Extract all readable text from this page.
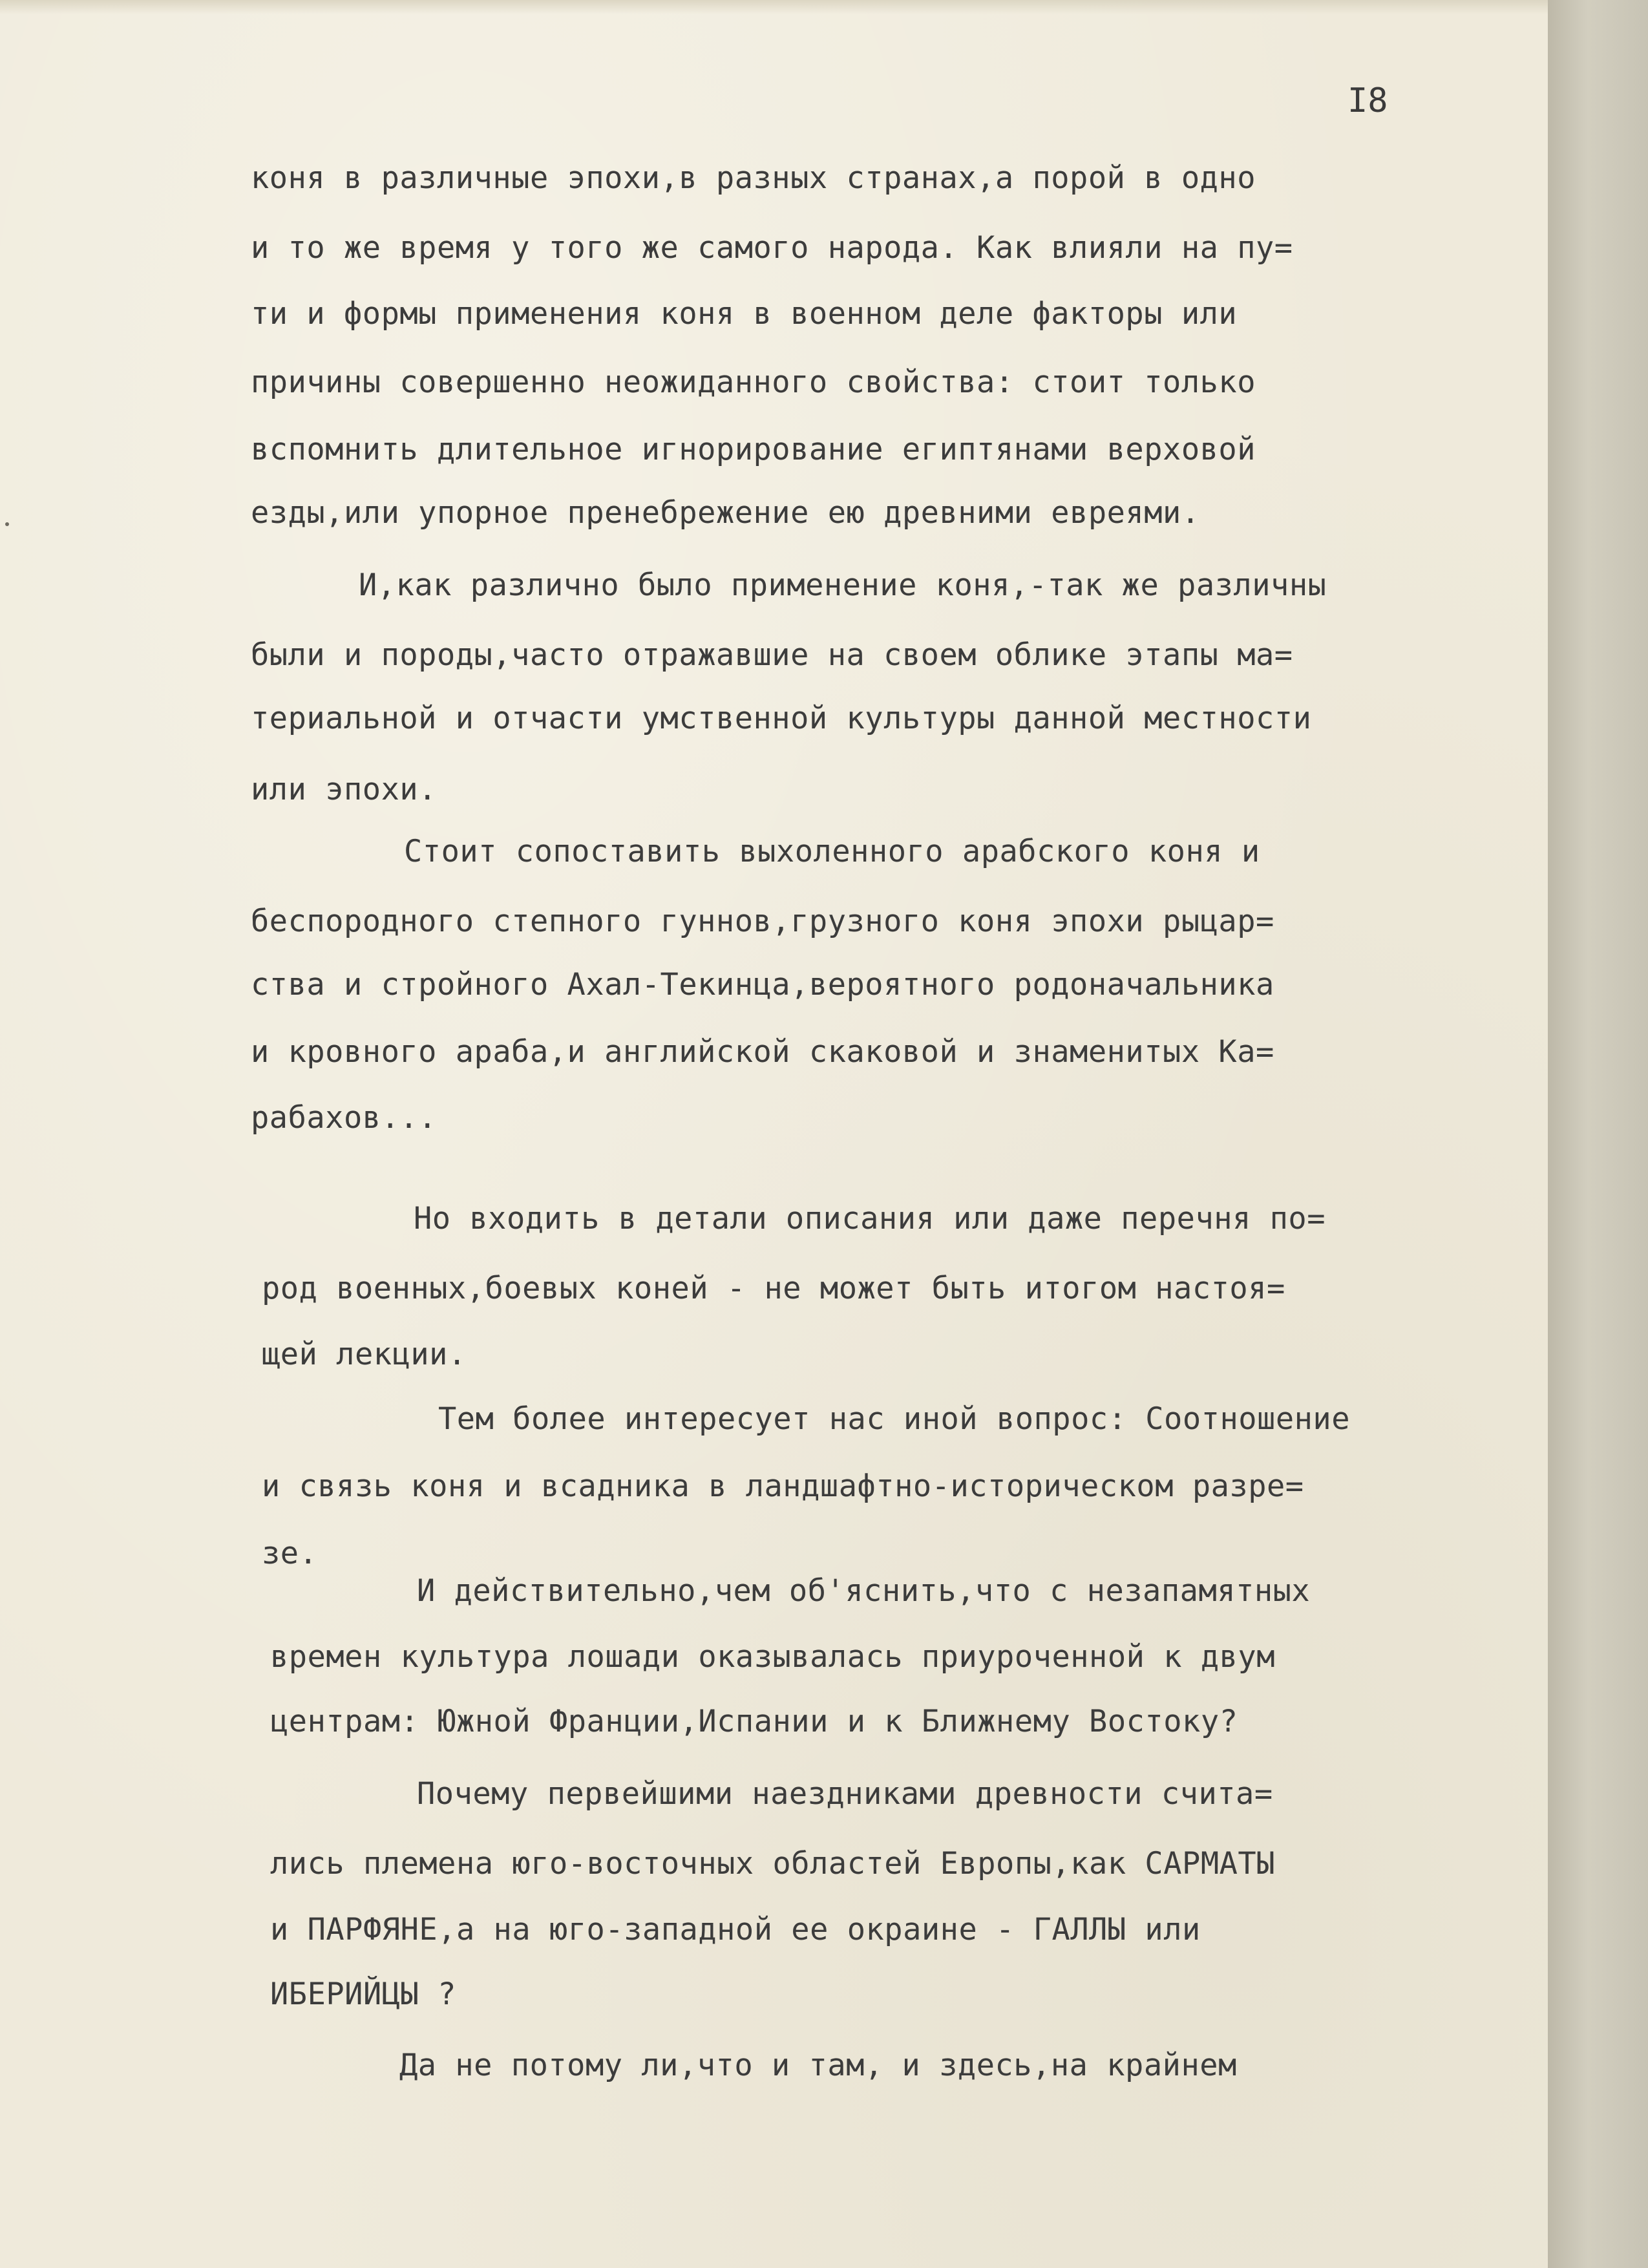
I8
коня в различные эпохи,в разных странах,а порой в одно
и то же время у того же самого народа. Как влияли на пу=
ти и формы применения коня в военном деле факторы или
причины совершенно неожиданного свойства: стоит только
вспомнить длительное игнорирование египтянами верховой
езды,или упорное пренебрежение ею древними евреями.
И,как различно было применение коня,-так же различны
были и породы,часто отражавшие на своем облике этапы ма=
териальной и отчасти умственной культуры данной местности
или эпохи.
Стоит сопоставить выхоленного арабского коня и
беспородного степного гуннов,грузного коня эпохи рыцар=
ства и стройного Ахал-Текинца,вероятного родоначальника
и кровного араба,и английской скаковой и знаменитых Ка=
рабахов...
Но входить в детали описания или даже перечня по=
род военных,боевых коней - не может быть итогом настоя=
щей лекции.
Тем более интересует нас иной вопрос: Соотношение
и связь коня и всадника в ландшафтно-историческом разре=
зе.
И действительно,чем об'яснить,что с незапамятных
времен культура лошади оказывалась приуроченной к двум
центрам: Южной Франции,Испании и к Ближнему Востоку?
Почему первейшими наездниками древности счита=
лись племена юго-восточных областей Европы,как САРМАТЫ
и ПАРФЯНЕ,а на юго-западной ее окраине - ГАЛЛЫ или
ИБЕРИЙЦЫ ?
Да не потому ли,что и там, и здесь,на крайнем
